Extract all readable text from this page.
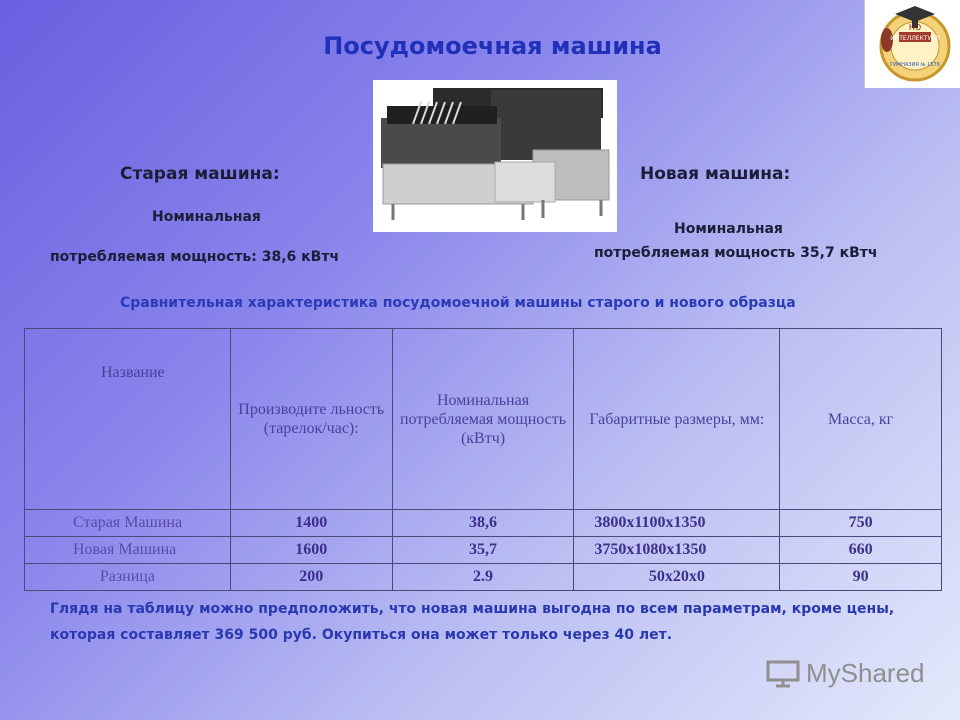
Посудомоечная машина	ИНТЕЛЛЕКТУАЛ
НО
ГИМНАЗИЯ № 1576
Старая машина:
Номинальная
потребляемая мощность: 38,6 кВтч
Новая машина:
Номинальная
потребляемая мощность 35,7 кВтч
Сравнительная характеристика посудомоечной машины старого и нового образца
Название	Производите льность (тарелок/час):	Номинальная потребляемая мощность (кВтч)	Габаритные размеры, мм:	Масса, кг
Старая Машина	1400	38,6	3800x1100x1350	750
Новая Машина	1600	35,7	3750x1080x1350	660
Разница	200	2.9	50x20x0	90
Глядя на таблицу можно предположить, что новая машина выгодна по всем параметрам, кроме цены, которая составляет 369 500 руб. Окупиться она может только через 40 лет.
MyShared
